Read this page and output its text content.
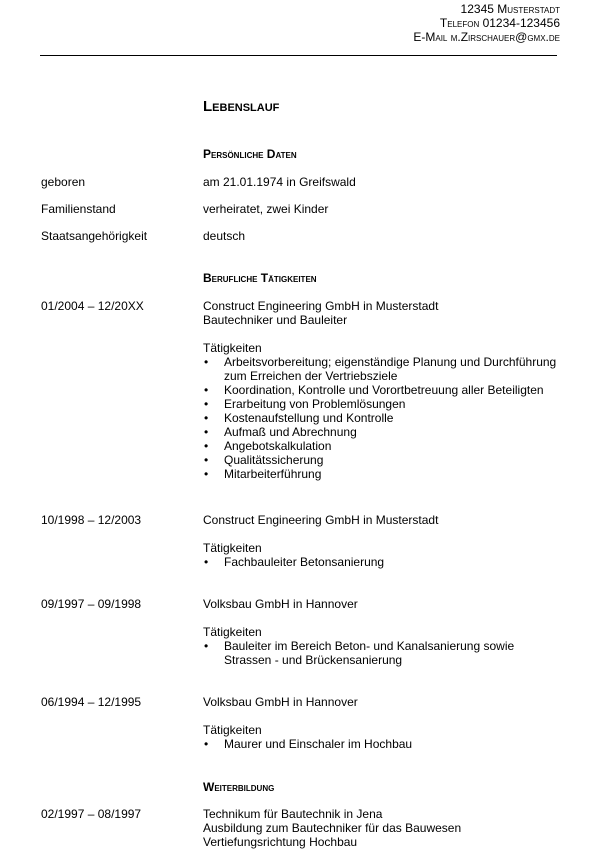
12345 Musterstadt
Telefon 01234-123456
E-Mail m.Zirschauer@gmx.de
Lebenslauf
Persönliche Daten
geboren	am 21.01.1974 in Greifswald
Familienstand	verheiratet, zwei Kinder
Staatsangehörigkeit	deutsch
Berufliche Tätigkeiten
01/2004 – 12/20XX	Construct Engineering GmbH in Musterstadt
Bautechniker und Bauleiter
Tätigkeiten
• Arbeitsvorbereitung; eigenständige Planung und Durchführung
zum Erreichen der Vertriebsziele
• Koordination, Kontrolle und Vorortbetreuung aller Beteiligten
• Erarbeitung von Problemlösungen
• Kostenaufstellung und Kontrolle
• Aufmaß und Abrechnung
• Angebotskalkulation
• Qualitätssicherung
• Mitarbeiterführung
10/1998 – 12/2003	Construct Engineering GmbH in Musterstadt
Tätigkeiten
• Fachbauleiter Betonsanierung
09/1997 – 09/1998	Volksbau GmbH in Hannover
Tätigkeiten
• Bauleiter im Bereich Beton- und Kanalsanierung sowie
Strassen - und Brückensanierung
06/1994 – 12/1995	Volksbau GmbH in Hannover
Tätigkeiten
• Maurer und Einschaler im Hochbau
Weiterbildung
02/1997 – 08/1997	Technikum für Bautechnik in Jena
Ausbildung zum Bautechniker für das Bauwesen
Vertiefungsrichtung Hochbau
